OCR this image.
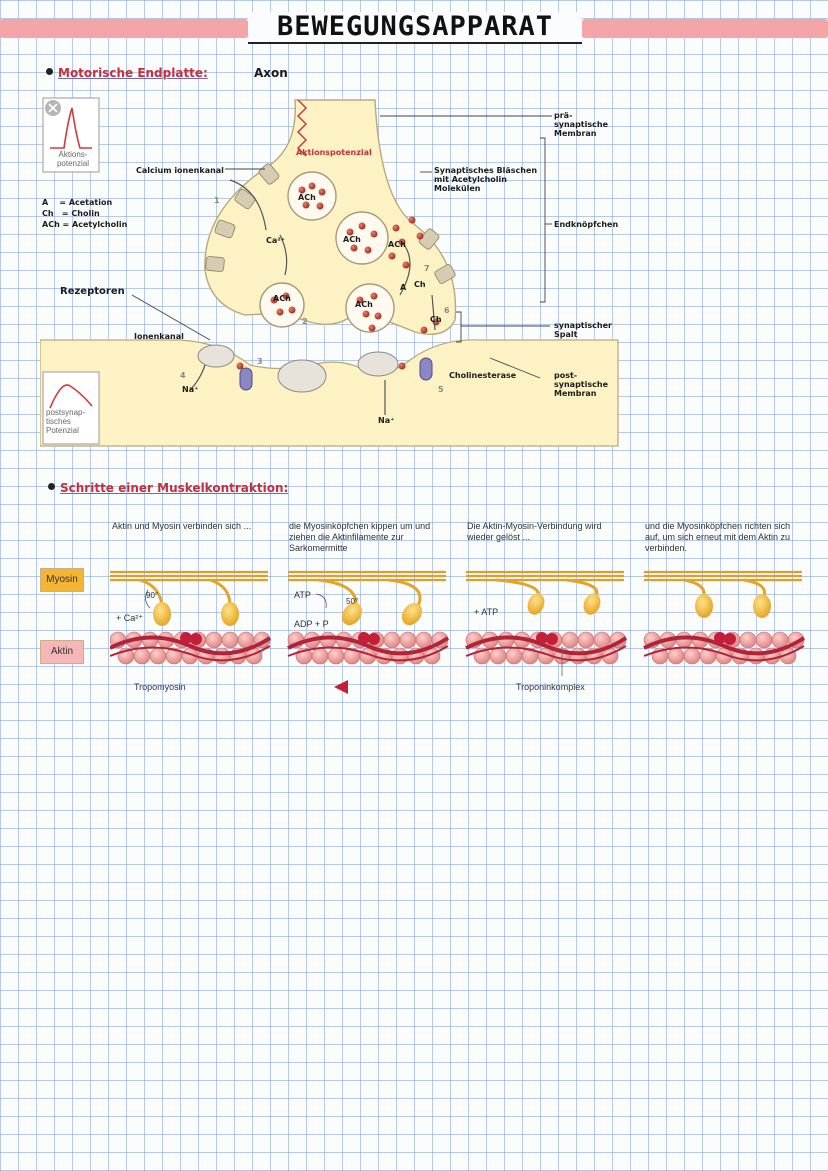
BEWEGUNGSAPPARAT
Motorische Endplatte:	Axon
Aktionspotenzial
Aktions-
potenzial
postsynap-
tisches
Potenzial
Calcium ionenkanal
A    = Acetation
Ch   = Cholin
ACh = Acetylcholin
Rezeptoren
Ionenkanal
Synaptisches Bläschen
mit Acetylcholin
Molekülen
prä-
synaptische
Membran
Endknöpfchen
synaptischer
Spalt
post-
synaptische
Membran
Cholinesterase
ACh
ACh
ACh
ACh
ACh
Ca²⁺
Na⁺
Na⁺
A Ch
Ch
1
2
3
4
5
6
7
Schritte einer Muskelkontraktion:
Myosin
Aktin
Aktin und Myosin verbinden sich ...	die Myosinköpfchen kippen um und ziehen die Aktinfilamente zur Sarkomermitte
Die Aktin-Myosin-Verbindung wird wieder gelöst ...
und die Myosinköpfchen richten sich auf, um sich erneut mit dem Aktin zu verbinden.
90°
+ Ca²⁺
Tropomyosin
ATP
50°
ADP + P
+ ATP
Troponinkomplex
